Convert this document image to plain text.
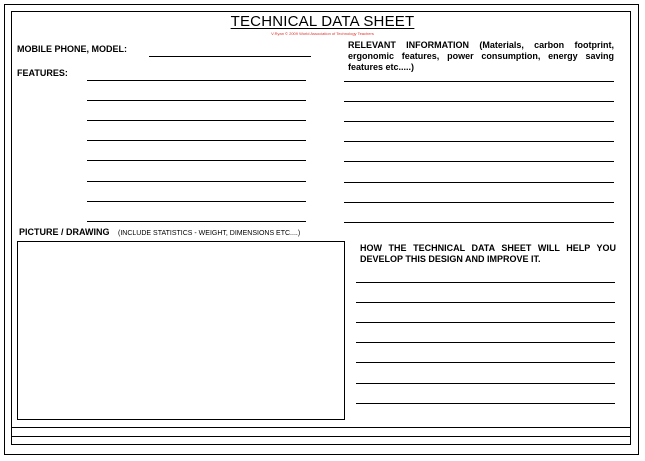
TECHNICAL DATA SHEET
V.Ryan © 2009 World Association of Technology Teachers
MOBILE PHONE, MODEL:
FEATURES:
RELEVANT INFORMATION (Materials, carbon footprint, ergonomic features, power consumption, energy saving features etc.....)
PICTURE / DRAWING (INCLUDE STATISTICS - WEIGHT, DIMENSIONS ETC....)
HOW THE TECHNICAL DATA SHEET WILL HELP YOU DEVELOP THIS DESIGN AND IMPROVE IT.
